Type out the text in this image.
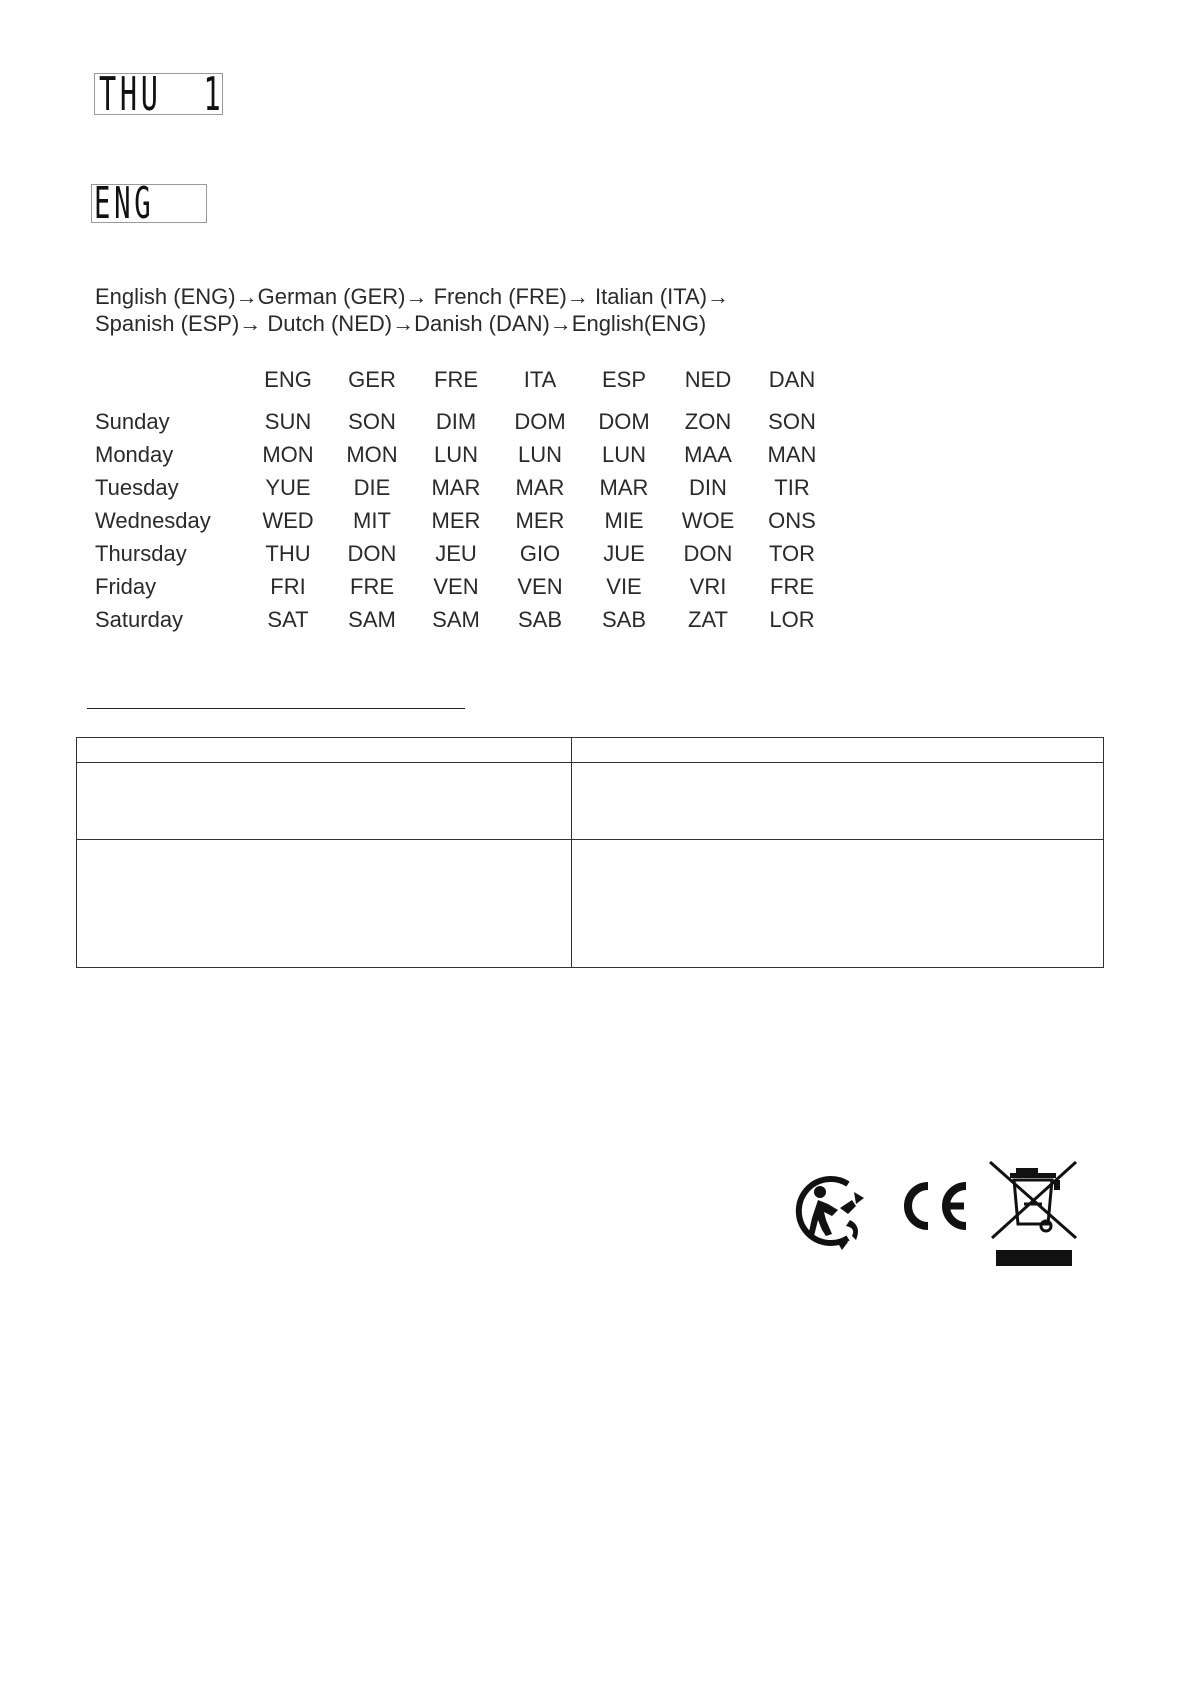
THU  1
ENG
English (ENG)→German (GER)→ French (FRE)→ Italian (ITA)→
Spanish (ESP)→ Dutch (NED)→Danish (DAN)→English(ENG)
	ENG	GER	FRE	ITA	ESP	NED	DAN
Sunday	SUN	SON	DIM	DOM	DOM	ZON	SON
Monday	MON	MON	LUN	LUN	LUN	MAA	MAN
Tuesday	YUE	DIE	MAR	MAR	MAR	DIN	TIR
Wednesday	WED	MIT	MER	MER	MIE	WOE	ONS
Thursday	THU	DON	JEU	GIO	JUE	DON	TOR
Friday	FRI	FRE	VEN	VEN	VIE	VRI	FRE
Saturday	SAT	SAM	SAM	SAB	SAB	ZAT	LOR
